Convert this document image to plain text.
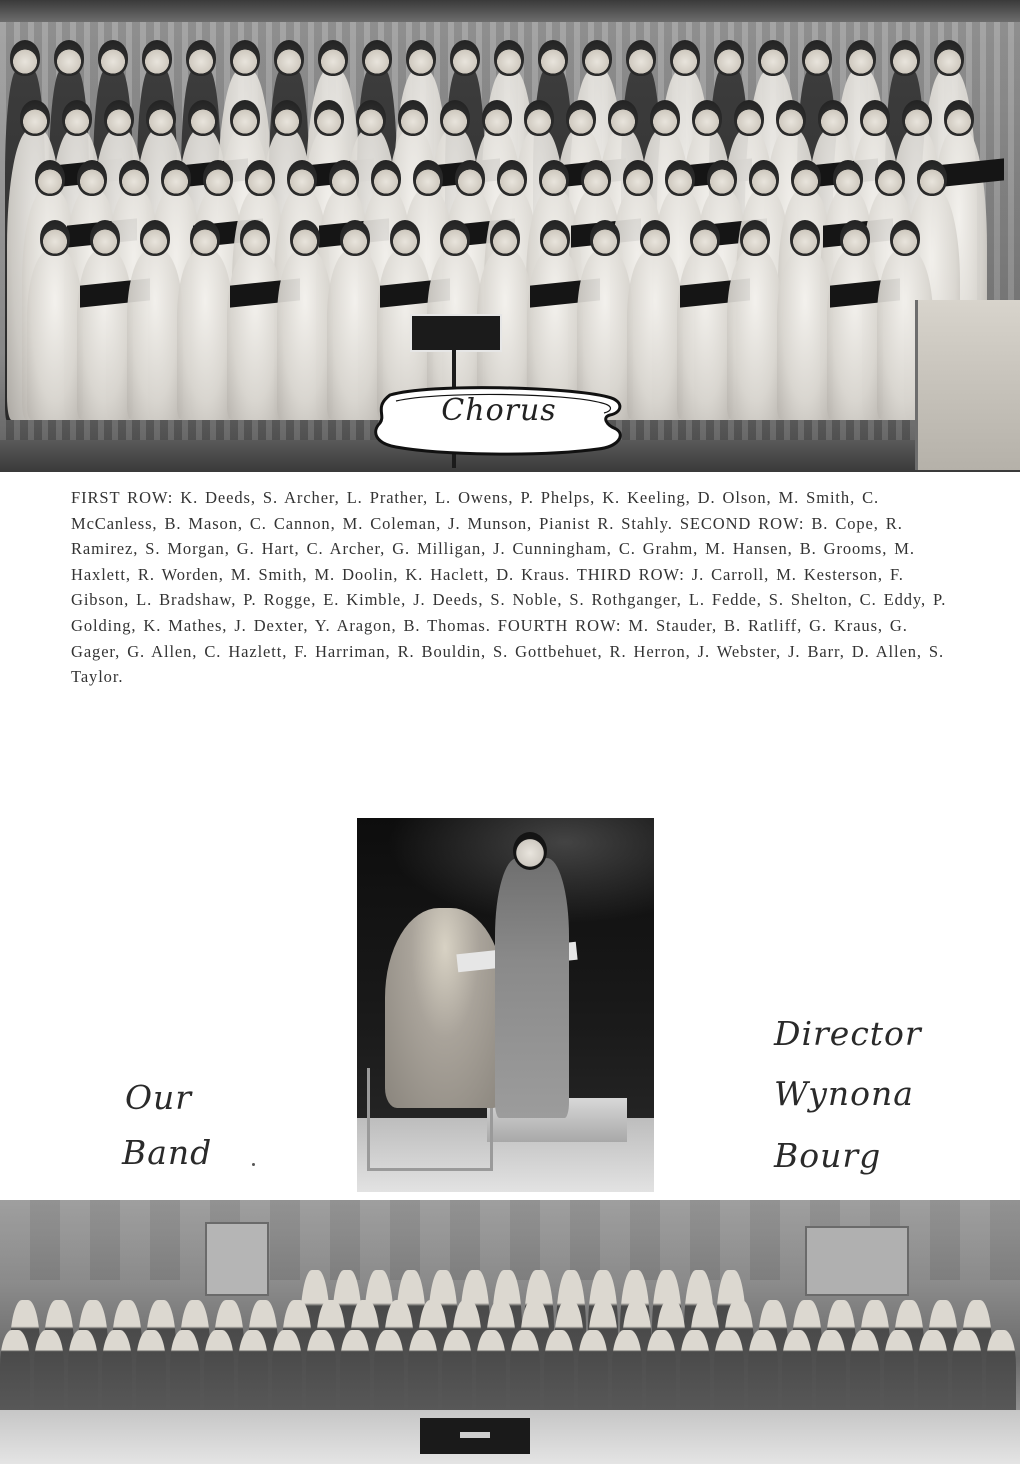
Chorus
FIRST ROW: K. Deeds, S. Archer, L. Prather, L. Owens, P. Phelps, K. Keeling, D. Olson, M. Smith, C. McCanless, B. Mason, C. Cannon, M. Coleman, J. Munson, Pianist R. Stahly. SECOND ROW: B. Cope, R. Ramirez, S. Morgan, G. Hart, C. Archer, G. Milligan, J. Cunningham, C. Grahm, M. Hansen, B. Grooms, M. Haxlett, R. Worden, M. Smith, M. Doolin, K. Haclett, D. Kraus. THIRD ROW: J. Carroll, M. Kesterson, F. Gibson, L. Bradshaw, P. Rogge, E. Kimble, J. Deeds, S. Noble, S. Rothganger, L. Fedde, S. Shelton, C. Eddy, P. Golding, K. Mathes, J. Dexter, Y. Aragon, B. Thomas. FOURTH ROW: M. Stauder, B. Ratliff, G. Kraus, G. Gager, G. Allen, C. Hazlett, F. Harriman, R. Bouldin, S. Gottbehuet, R. Herron, J. Webster, J. Barr, D. Allen, S. Taylor.
Our
Band
Director
Wynona
Bourg
